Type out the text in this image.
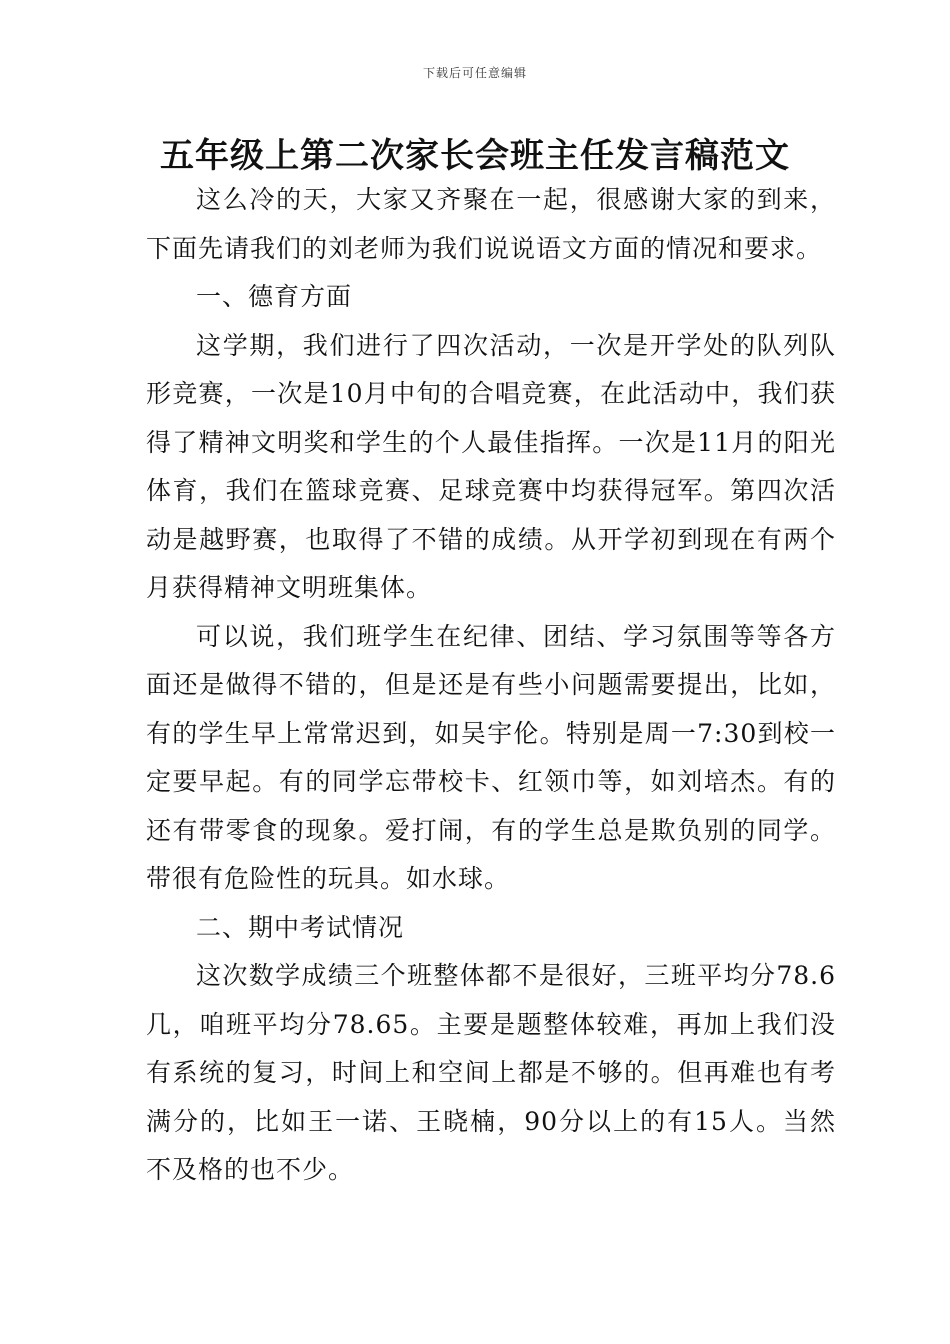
下载后可任意编辑
五年级上第二次家长会班主任发言稿范文

这么冷的天，大家又齐聚在一起，很感谢大家的到来，下面先请我们的刘老师为我们说说语文方面的情况和要求。

一、德育方面

这学期，我们进行了四次活动，一次是开学处的队列队形竞赛，一次是10月中旬的合唱竞赛，在此活动中，我们获得了精神文明奖和学生的个人最佳指挥。一次是11月的阳光体育，我们在篮球竞赛、足球竞赛中均获得冠军。第四次活动是越野赛，也取得了不错的成绩。从开学初到现在有两个月获得精神文明班集体。

可以说，我们班学生在纪律、团结、学习氛围等等各方面还是做得不错的，但是还是有些小问题需要提出，比如，有的学生早上常常迟到，如吴宇伦。特别是周一7:30到校一定要早起。有的同学忘带校卡、红领巾等，如刘培杰。有的还有带零食的现象。爱打闹，有的学生总是欺负别的同学。带很有危险性的玩具。如水球。

二、期中考试情况

这次数学成绩三个班整体都不是很好，三班平均分78.6几，咱班平均分78.65。主要是题整体较难，再加上我们没有系统的复习，时间上和空间上都是不够的。但再难也有考满分的，比如王一诺、王晓楠，90分以上的有15人。当然不及格的也不少。
